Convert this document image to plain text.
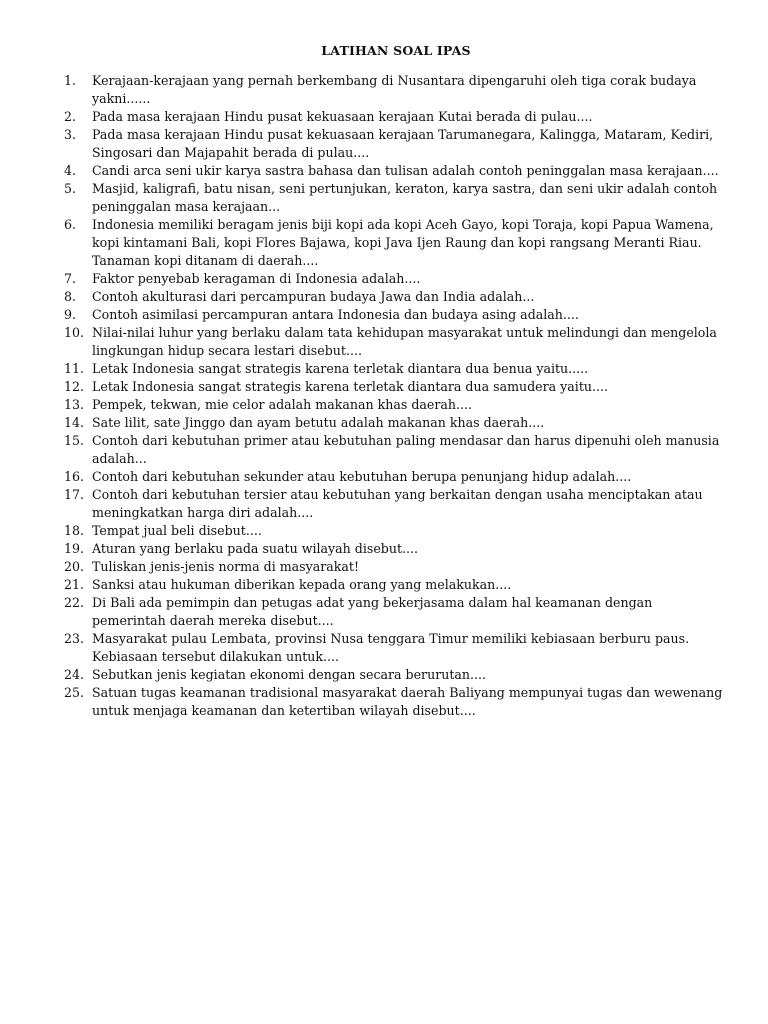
LATIHAN SOAL IPAS
1.	Kerajaan-kerajaan yang pernah berkembang di Nusantara dipengaruhi oleh tiga corak budaya yakni......
2.	Pada masa kerajaan Hindu pusat kekuasaan kerajaan Kutai berada di pulau....
3.	Pada masa kerajaan Hindu pusat kekuasaan kerajaan Tarumanegara, Kalingga, Mataram, Kediri, Singosari dan Majapahit berada di pulau....
4.	Candi arca seni ukir karya sastra bahasa dan tulisan adalah contoh peninggalan masa kerajaan....
5.	Masjid, kaligrafi, batu nisan, seni pertunjukan, keraton, karya sastra, dan seni ukir adalah contoh peninggalan masa kerajaan...
6.	Indonesia memiliki beragam jenis biji kopi ada kopi Aceh Gayo, kopi Toraja, kopi Papua Wamena, kopi kintamani Bali, kopi Flores Bajawa, kopi Java Ijen Raung dan kopi rangsang Meranti Riau. Tanaman kopi ditanam di daerah....
7.	Faktor penyebab keragaman di Indonesia adalah....
8.	Contoh akulturasi dari percampuran budaya Jawa dan India adalah...
9.	Contoh asimilasi percampuran antara Indonesia dan budaya asing adalah....
10. Nilai-nilai luhur yang berlaku dalam tata kehidupan masyarakat untuk melindungi dan mengelola lingkungan hidup secara lestari disebut....
11. Letak Indonesia sangat strategis karena terletak diantara dua benua yaitu.....
12. Letak Indonesia sangat strategis karena terletak diantara dua samudera yaitu....
13. Pempek, tekwan, mie celor adalah makanan khas daerah....
14. Sate lilit, sate Jinggo dan ayam betutu adalah makanan khas daerah....
15. Contoh dari kebutuhan primer atau kebutuhan paling mendasar dan harus dipenuhi oleh manusia adalah...
16. Contoh dari kebutuhan sekunder atau kebutuhan berupa penunjang hidup adalah....
17. Contoh dari kebutuhan tersier atau kebutuhan yang berkaitan dengan usaha menciptakan atau meningkatkan harga diri adalah....
18. Tempat jual beli disebut....
19. Aturan yang berlaku pada suatu wilayah disebut....
20. Tuliskan jenis-jenis norma di masyarakat!
21. Sanksi atau hukuman diberikan kepada orang yang melakukan....
22. Di Bali ada pemimpin dan petugas adat yang bekerjasama dalam hal keamanan dengan pemerintah daerah mereka disebut....
23. Masyarakat pulau Lembata, provinsi Nusa tenggara Timur memiliki kebiasaan berburu paus. Kebiasaan tersebut dilakukan untuk....
24. Sebutkan jenis kegiatan ekonomi dengan secara berurutan....
25. Satuan tugas keamanan tradisional masyarakat daerah Baliyang mempunyai tugas dan wewenang untuk menjaga keamanan dan ketertiban wilayah disebut....
